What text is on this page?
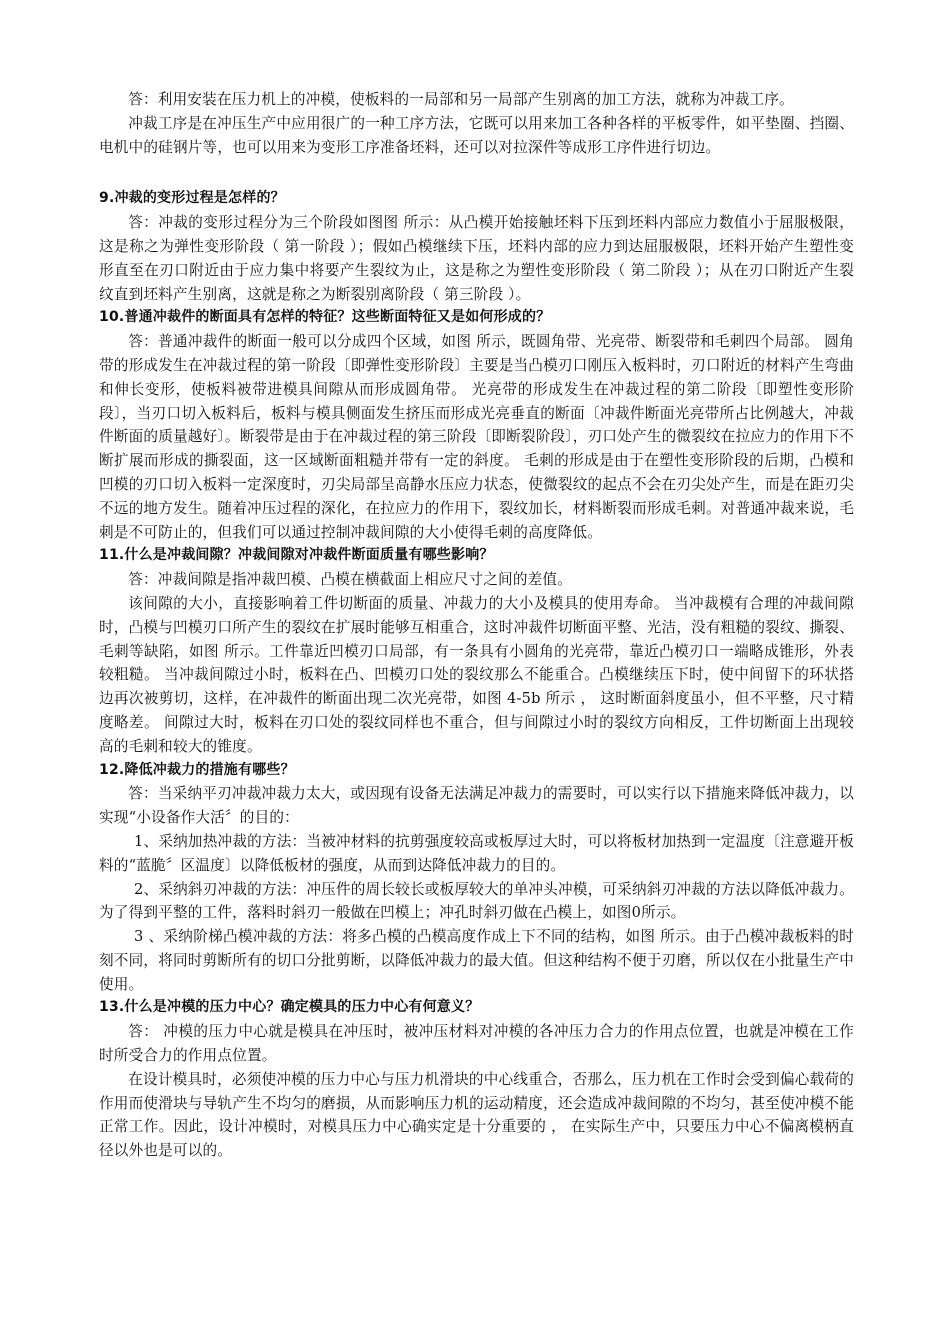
答：利用安装在压力机上的冲模，使板料的一局部和另一局部产生别离的加工方法，就称为冲裁工序。

冲裁工序是在冲压生产中应用很广的一种工序方法，它既可以用来加工各种各样的平板零件，如平垫圈、挡圈、电机中的硅钢片等，也可以用来为变形工序准备坯料，还可以对拉深件等成形工序件进行切边。

9.冲裁的变形过程是怎样的？

答：冲裁的变形过程分为三个阶段如图图 所示：从凸模开始接触坯料下压到坯料内部应力数值小于屈服极限，这是称之为弹性变形阶段（ 第一阶段 ）；假如凸模继续下压，坯料内部的应力到达屈服极限，坯料开始产生塑性变形直至在刃口附近由于应力集中将要产生裂纹为止，这是称之为塑性变形阶段（ 第二阶段 ）；从在刃口附近产生裂纹直到坯料产生别离，这就是称之为断裂别离阶段（ 第三阶段 ）。

10.普通冲裁件的断面具有怎样的特征？这些断面特征又是如何形成的？

答：普通冲裁件的断面一般可以分成四个区域，如图 所示，既圆角带、光亮带、断裂带和毛刺四个局部。 圆角带的形成发生在冲裁过程的第一阶段〔即弹性变形阶段〕主要是当凸模刃口刚压入板料时，刃口附近的材料产生弯曲和伸长变形，使板料被带进模具间隙从而形成圆角带。 光亮带的形成发生在冲裁过程的第二阶段〔即塑性变形阶段〕，当刃口切入板料后，板料与模具侧面发生挤压而形成光亮垂直的断面〔冲裁件断面光亮带所占比例越大，冲裁件断面的质量越好〕。断裂带是由于在冲裁过程的第三阶段〔即断裂阶段〕，刃口处产生的微裂纹在拉应力的作用下不断扩展而形成的撕裂面，这一区域断面粗糙并带有一定的斜度。 毛刺的形成是由于在塑性变形阶段的后期，凸模和凹模的刃口切入板料一定深度时，刃尖局部呈高静水压应力状态，使微裂纹的起点不会在刃尖处产生，而是在距刃尖不远的地方发生。随着冲压过程的深化，在拉应力的作用下，裂纹加长，材料断裂而形成毛刺。对普通冲裁来说，毛刺是不可防止的，但我们可以通过控制冲裁间隙的大小使得毛刺的高度降低。

11.什么是冲裁间隙？冲裁间隙对冲裁件断面质量有哪些影响？

答：冲裁间隙是指冲裁凹模、凸模在横截面上相应尺寸之间的差值。

该间隙的大小，直接影响着工件切断面的质量、冲裁力的大小及模具的使用寿命。 当冲裁模有合理的冲裁间隙时，凸模与凹模刃口所产生的裂纹在扩展时能够互相重合，这时冲裁件切断面平整、光洁，没有粗糙的裂纹、撕裂、毛刺等缺陷，如图 所示。工件靠近凹模刃口局部，有一条具有小圆角的光亮带，靠近凸模刃口一端略成锥形，外表较粗糙。 当冲裁间隙过小时，板料在凸、凹模刃口处的裂纹那么不能重合。凸模继续压下时，使中间留下的环状搭边再次被剪切，这样，在冲裁件的断面出现二次光亮带，如图 4-5b 所示 ， 这时断面斜度虽小，但不平整，尺寸精度略差。 间隙过大时，板料在刃口处的裂纹同样也不重合，但与间隙过小时的裂纹方向相反，工件切断面上出现较高的毛刺和较大的锥度。

12.降低冲裁力的措施有哪些？

答：当采纳平刃冲裁冲裁力太大，或因现有设备无法满足冲裁力的需要时，可以实行以下措施来降低冲裁力，以实现“小设备作大活〞的目的：

1、采纳加热冲裁的方法：当被冲材料的抗剪强度较高或板厚过大时，可以将板材加热到一定温度〔注意避开板料的“蓝脆〞区温度〕以降低板材的强度，从而到达降低冲裁力的目的。

2、采纳斜刃冲裁的方法：冲压件的周长较长或板厚较大的单冲头冲模，可采纳斜刃冲裁的方法以降低冲裁力。为了得到平整的工件，落料时斜刃一般做在凹模上；冲孔时斜刃做在凸模上，如图0所示。

3 、采纳阶梯凸模冲裁的方法：将多凸模的凸模高度作成上下不同的结构，如图 所示。由于凸模冲裁板料的时刻不同，将同时剪断所有的切口分批剪断，以降低冲裁力的最大值。但这种结构不便于刃磨，所以仅在小批量生产中使用。

13.什么是冲模的压力中心？确定模具的压力中心有何意义？

答： 冲模的压力中心就是模具在冲压时，被冲压材料对冲模的各冲压力合力的作用点位置，也就是冲模在工作时所受合力的作用点位置。

在设计模具时，必须使冲模的压力中心与压力机滑块的中心线重合，否那么，压力机在工作时会受到偏心载荷的作用而使滑块与导轨产生不均匀的磨损，从而影响压力机的运动精度，还会造成冲裁间隙的不均匀，甚至使冲模不能正常工作。因此，设计冲模时，对模具压力中心确实定是十分重要的 ， 在实际生产中，只要压力中心不偏离模柄直径以外也是可以的。
